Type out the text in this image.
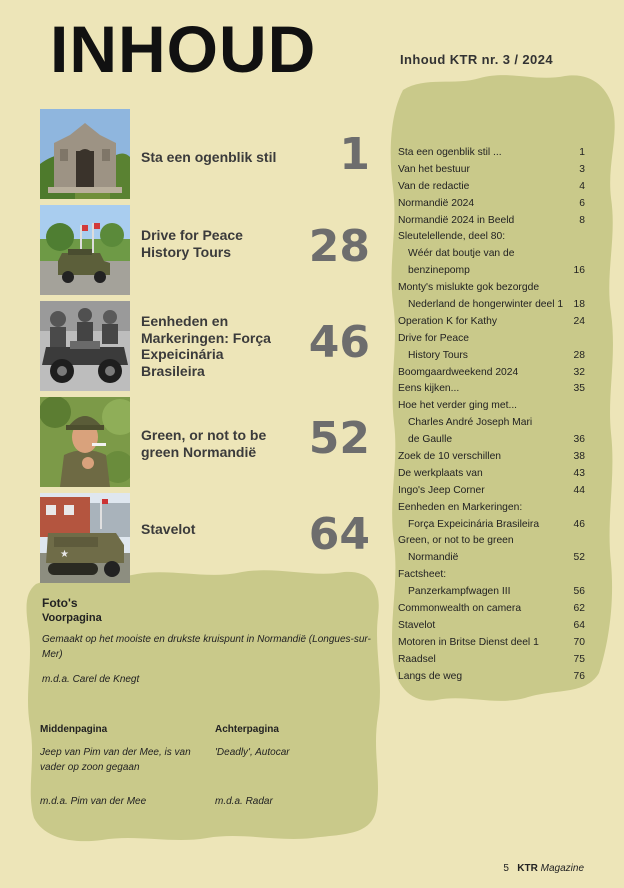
INHOUD	Inhoud KTR nr. 3 / 2024
Sta een ogenblik stil 1
Drive for Peace History Tours	28
Eenheden en Markeringen: Força Expeicinária Brasileira
46
Green, or not to be green Normandië	52
★
Stavelot	64
Sta een ogenblik stil ...	1
Van het bestuur	3
Van de redactie	4
Normandië 2024	6
Normandië 2024 in Beeld	8
Sleutelellende, deel 80:
Wéér dat boutje van de
benzinepomp	16
Monty's mislukte gok bezorgde
Nederland de hongerwinter deel 1 18
Operation K for Kathy	24
Drive for Peace
History Tours	28
Boomgaardweekend 2024	32
Eens kijken...	35
Hoe het verder ging met...
Charles André Joseph Mari
de Gaulle	36
Zoek de 10 verschillen	38
De werkplaats van	43
Ingo's Jeep Corner	44
Eenheden en Markeringen:
Força Expeicinária Brasileira	46
Green, or not to be green
Normandië	52
Factsheet:
Panzerkampfwagen III	56
Commonwealth on camera	62
Stavelot	64
Motoren in Britse Dienst deel 1	70
Raadsel	75
Langs de weg	76
Foto's
Voorpagina
Gemaakt op het mooiste en drukste kruispunt in Normandië (Longues-sur-Mer)
m.d.a. Carel de Knegt
Middenpagina
Jeep van Pim van der Mee, is van vader op zoon gegaan
m.d.a. Pim van der Mee
Achterpagina
'Deadly', Autocar
m.d.a. Radar
5 KTR Magazine
